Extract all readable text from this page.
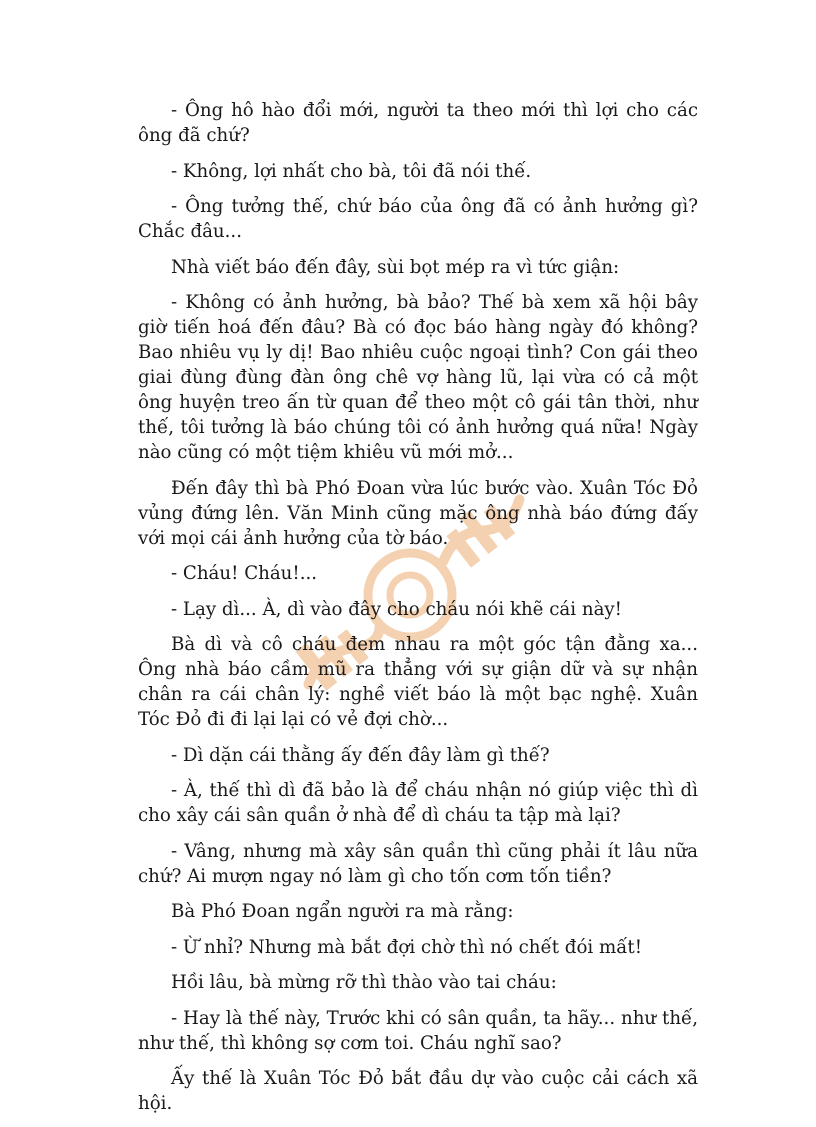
- Ông hô hào đổi mới, người ta theo mới thì lợi cho các ông đã chứ?

- Không, lợi nhất cho bà, tôi đã nói thế.

- Ông tưởng thế, chứ báo của ông đã có ảnh hưởng gì? Chắc đâu...

Nhà viết báo đến đây, sùi bọt mép ra vì tức giận:

- Không có ảnh hưởng, bà bảo? Thế bà xem xã hội bây giờ tiến hoá đến đâu? Bà có đọc báo hàng ngày đó không? Bao nhiêu vụ ly dị! Bao nhiêu cuộc ngoại tình? Con gái theo giai đùng đùng đàn ông chê vợ hàng lũ, lại vừa có cả một ông huyện treo ấn từ quan để theo một cô gái tân thời, như thế, tôi tưởng là báo chúng tôi có ảnh hưởng quá nữa! Ngày nào cũng có một tiệm khiêu vũ mới mở...

Đến đây thì bà Phó Đoan vừa lúc bước vào. Xuân Tóc Đỏ vủng đứng lên. Văn Minh cũng mặc ông nhà báo đứng đấy với mọi cái ảnh hưởng của tờ báo.

- Cháu! Cháu!...

- Lạy dì... À, dì vào đây cho cháu nói khẽ cái này!

Bà dì và cô cháu đem nhau ra một góc tận đằng xa... Ông nhà báo cầm mũ ra thẳng với sự giận dữ và sự nhận chân ra cái chân lý: nghề viết báo là một bạc nghệ. Xuân Tóc Đỏ đi đi lại lại có vẻ đợi chờ...

- Dì dặn cái thằng ấy đến đây làm gì thế?

- À, thế thì dì đã bảo là để cháu nhận nó giúp việc thì dì cho xây cái sân quần ở nhà để dì cháu ta tập mà lại?

- Vâng, nhưng mà xây sân quần thì cũng phải ít lâu nữa chứ? Ai mượn ngay nó làm gì cho tốn cơm tốn tiền?

Bà Phó Đoan ngẩn người ra mà rằng:

- Ừ nhỉ? Nhưng mà bắt đợi chờ thì nó chết đói mất!

Hồi lâu, bà mừng rỡ thì thào vào tai cháu:

- Hay là thế này, Trước khi có sân quần, ta hãy... như thế, như thế, thì không sợ cơm toi. Cháu nghĩ sao?

Ấy thế là Xuân Tóc Đỏ bắt đầu dự vào cuộc cải cách xã hội.
